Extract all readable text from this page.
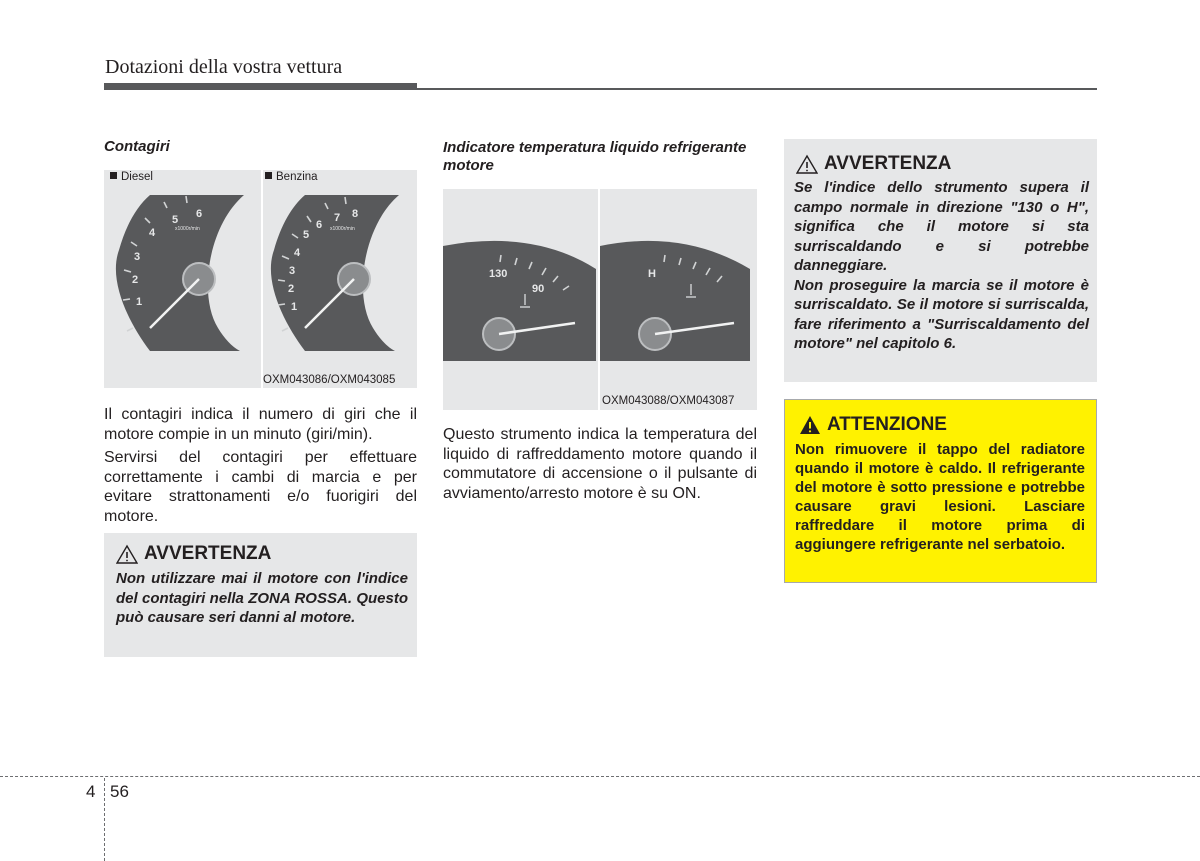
Dotazioni della vostra vettura
Contagiri
Diesel	Benzina
1
2
3
4
5 6
x1000r/min
1
2
3
4
5
6
7 8
x1000r/min
OXM043086/OXM043085

Il contagiri indica il numero di giri che il motore compie in un minuto (giri/min).

Servirsi del contagiri per effettuare correttamente i cambi di marcia e per evitare strattonamenti e/o fuorigiri del motore.

AVVERTENZA
Non utilizzare mai il motore con l'indice del contagiri nella ZONA ROSSA. Questo può causare seri danni al motore.
Indicatore temperatura liquido refrigerante motore
130
90
H
OXM043088/OXM043087
Questo strumento indica la temperatura del liquido di raffreddamento motore quando il commutatore di accensione o il pulsante di avviamento/arresto motore è su ON.
AVVERTENZA

Se l'indice dello strumento supera il campo normale in direzione "130 o H", significa che il motore si sta surriscaldando e si potrebbe danneggiare.

Non proseguire la marcia se il motore è surriscaldato. Se il motore si surriscalda, fare riferimento a "Surriscaldamento del motore" nel capitolo 6.

ATTENZIONE
Non rimuovere il tappo del radiatore quando il motore è caldo. Il refrigerante del motore è sotto pressione e potrebbe causare gravi lesioni. Lasciare raffreddare il motore prima di aggiungere refrigerante nel serbatoio.
4 56
